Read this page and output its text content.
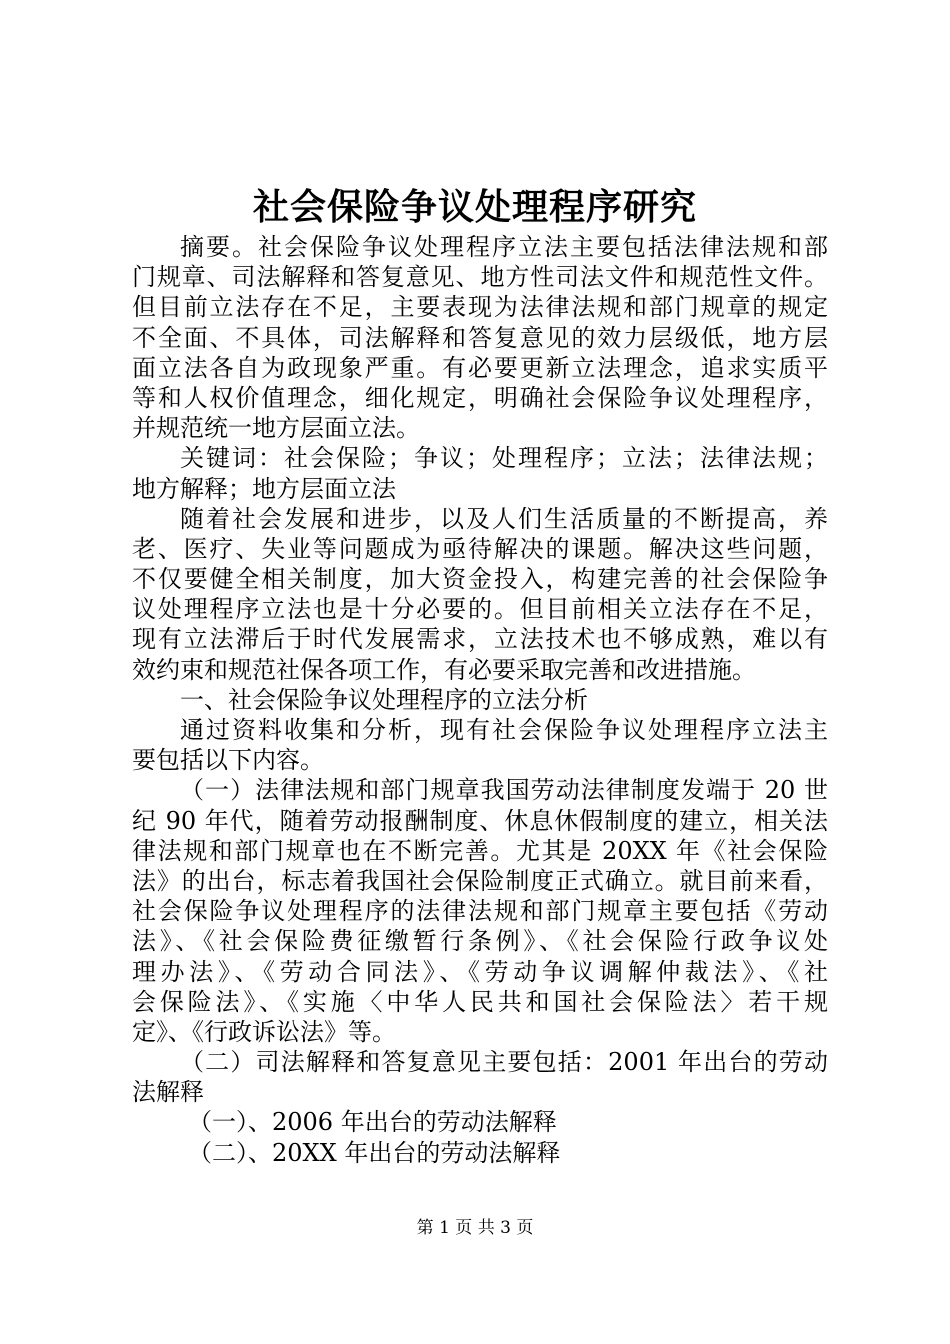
社会保险争议处理程序研究
摘要。社会保险争议处理程序立法主要包括法律法规和部
门规章、司法解释和答复意见、地方性司法文件和规范性文件。
但目前立法存在不足，主要表现为法律法规和部门规章的规定
不全面、不具体，司法解释和答复意见的效力层级低，地方层
面立法各自为政现象严重。有必要更新立法理念，追求实质平
等和人权价值理念，细化规定，明确社会保险争议处理程序，
并规范统一地方层面立法。
关键词：社会保险；争议；处理程序；立法；法律法规；
地方解释；地方层面立法
随着社会发展和进步，以及人们生活质量的不断提高，养
老、医疗、失业等问题成为亟待解决的课题。解决这些问题，
不仅要健全相关制度，加大资金投入，构建完善的社会保险争
议处理程序立法也是十分必要的。但目前相关立法存在不足，
现有立法滞后于时代发展需求，立法技术也不够成熟，难以有
效约束和规范社保各项工作，有必要采取完善和改进措施。
一、社会保险争议处理程序的立法分析
通过资料收集和分析，现有社会保险争议处理程序立法主
要包括以下内容。
（一）法律法规和部门规章我国劳动法律制度发端于 20 世
纪 90 年代，随着劳动报酬制度、休息休假制度的建立，相关法
律法规和部门规章也在不断完善。尤其是 20XX 年《社会保险
法》的出台，标志着我国社会保险制度正式确立。就目前来看，
社会保险争议处理程序的法律法规和部门规章主要包括《劳动
法》、《社会保险费征缴暂行条例》、《社会保险行政争议处
理办法》、《劳动合同法》、《劳动争议调解仲裁法》、《社
会保险法》、《实施〈中华人民共和国社会保险法〉若干规
定》、《行政诉讼法》等。
（二）司法解释和答复意见主要包括：2001 年出台的劳动
法解释
（一）、2006 年出台的劳动法解释
（二）、20XX 年出台的劳动法解释
第 1 页 共 3 页
